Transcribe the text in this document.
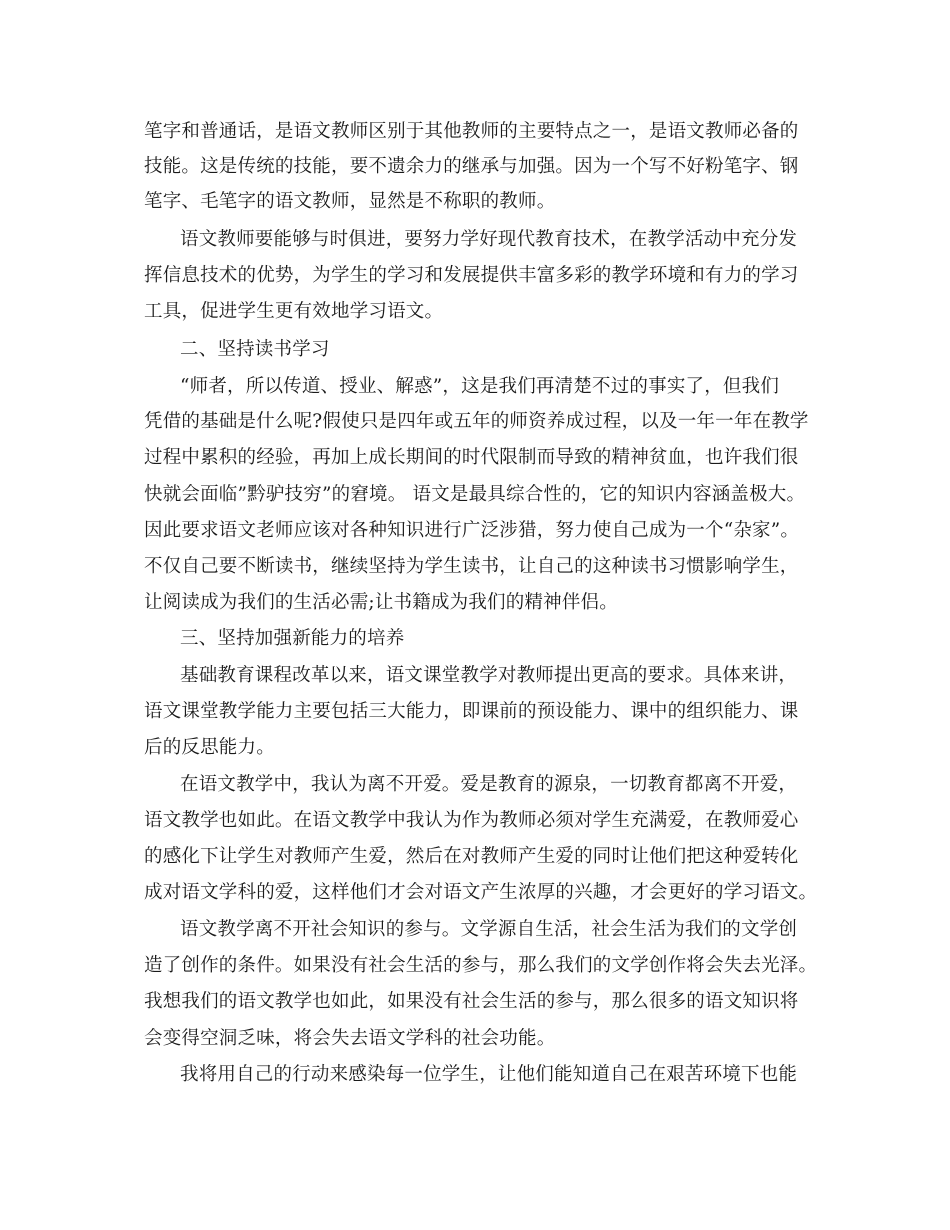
笔字和普通话，是语文教师区别于其他教师的主要特点之一，是语文教师必备的
技能。这是传统的技能，要不遗余力的继承与加强。因为一个写不好粉笔字、钢
笔字、毛笔字的语文教师，显然是不称职的教师。
语文教师要能够与时俱进，要努力学好现代教育技术，在教学活动中充分发
挥信息技术的优势，为学生的学习和发展提供丰富多彩的教学环境和有力的学习
工具，促进学生更有效地学习语文。
二、坚持读书学习
“师者，所以传道、授业、解惑”，这是我们再清楚不过的事实了，但我们
凭借的基础是什么呢?假使只是四年或五年的师资养成过程，以及一年一年在教学
过程中累积的经验，再加上成长期间的时代限制而导致的精神贫血，也许我们很
快就会面临”黔驴技穷”的窘境。 语文是最具综合性的，它的知识内容涵盖极大。
因此要求语文老师应该对各种知识进行广泛涉猎，努力使自己成为一个“杂家”。
不仅自己要不断读书，继续坚持为学生读书，让自己的这种读书习惯影响学生，
让阅读成为我们的生活必需;让书籍成为我们的精神伴侣。
三、坚持加强新能力的培养
基础教育课程改革以来，语文课堂教学对教师提出更高的要求。具体来讲，
语文课堂教学能力主要包括三大能力，即课前的预设能力、课中的组织能力、课
后的反思能力。
在语文教学中，我认为离不开爱。爱是教育的源泉，一切教育都离不开爱，
语文教学也如此。在语文教学中我认为作为教师必须对学生充满爱，在教师爱心
的感化下让学生对教师产生爱，然后在对教师产生爱的同时让他们把这种爱转化
成对语文学科的爱，这样他们才会对语文产生浓厚的兴趣，才会更好的学习语文。
语文教学离不开社会知识的参与。文学源自生活，社会生活为我们的文学创
造了创作的条件。如果没有社会生活的参与，那么我们的文学创作将会失去光泽。
我想我们的语文教学也如此，如果没有社会生活的参与，那么很多的语文知识将
会变得空洞乏味，将会失去语文学科的社会功能。
我将用自己的行动来感染每一位学生，让他们能知道自己在艰苦环境下也能
